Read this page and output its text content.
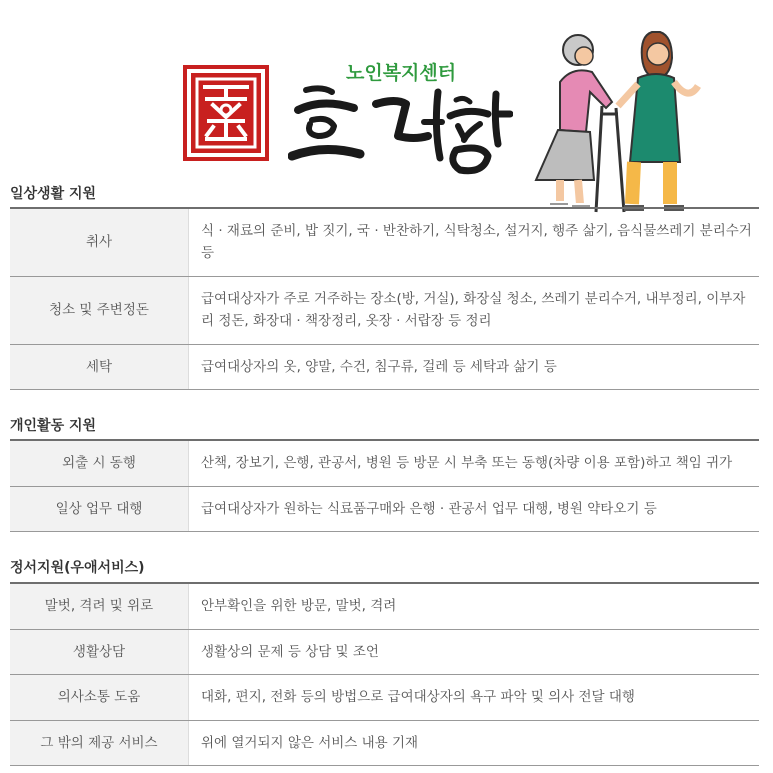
노인복지센터
일상생활 지원
취사	식 · 재료의 준비, 밥 짓기, 국 · 반찬하기, 식탁청소, 설거지, 행주 삶기, 음식물쓰레기 분리수거 등
청소 및 주변정돈	급여대상자가 주로 거주하는 장소(방, 거실), 화장실 청소, 쓰레기 분리수거, 내부정리, 이부자리 정돈, 화장대 · 책장정리, 옷장 · 서랍장 등 정리
세탁	급여대상자의 옷, 양말, 수건, 침구류, 걸레 등 세탁과 삶기 등
개인활동 지원
외출 시 동행	산책, 장보기, 은행, 관공서, 병원 등 방문 시 부축 또는 동행(차량 이용 포함)하고 책임 귀가
일상 업무 대행	급여대상자가 원하는 식료품구매와 은행 · 관공서 업무 대행, 병원 약타오기 등
정서지원(우애서비스)
말벗, 격려 및 위로	안부확인을 위한 방문, 말벗, 격려
생활상담	생활상의 문제 등 상담 및 조언
의사소통 도움	대화, 편지, 전화 등의 방법으로 급여대상자의 욕구 파악 및 의사 전달 대행
그 밖의 제공 서비스	위에 열거되지 않은 서비스 내용 기재
